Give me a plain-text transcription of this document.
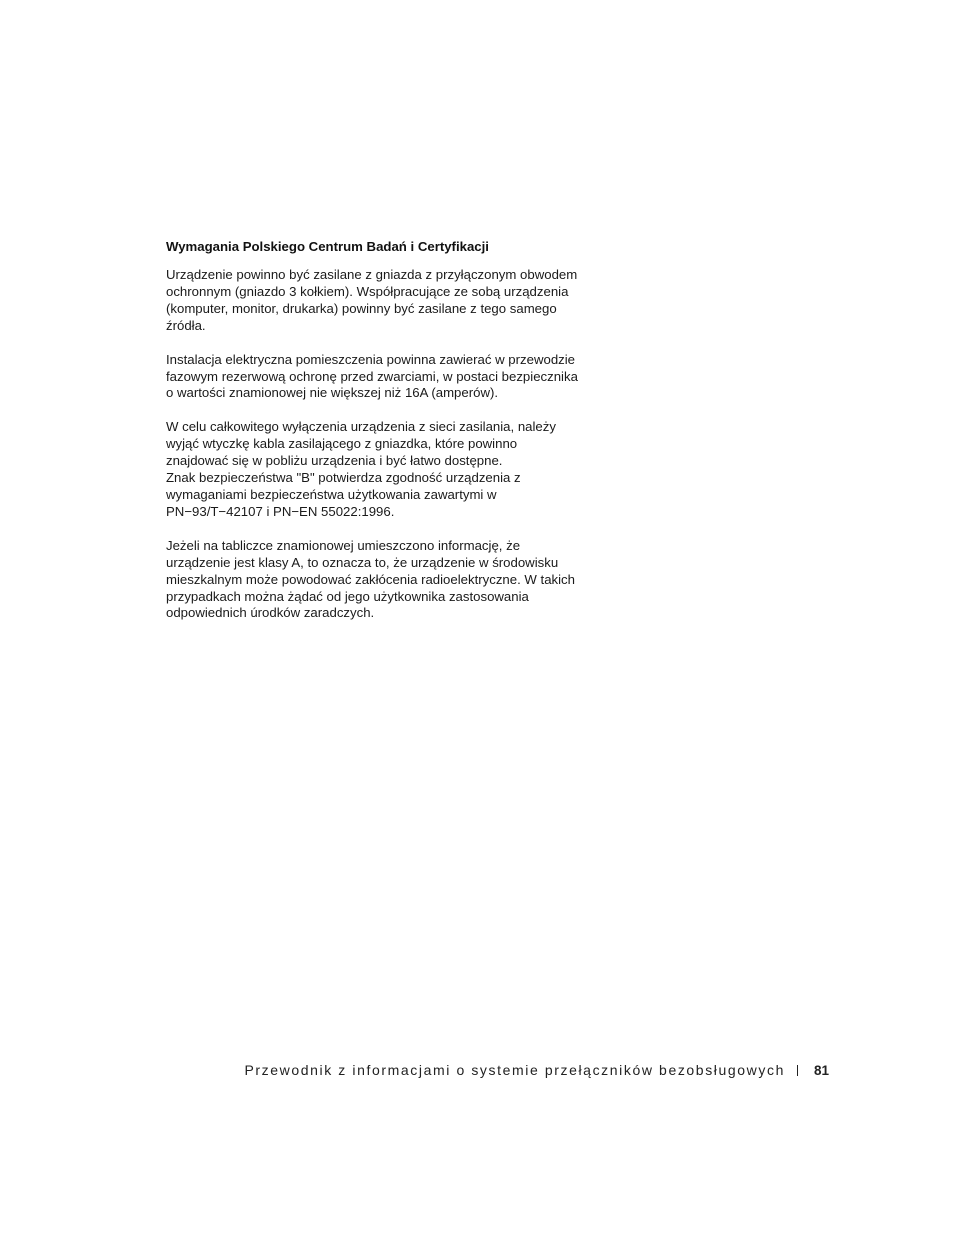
Wymagania Polskiego Centrum Badań i Certyfikacji
Urządzenie powinno być zasilane z gniazda z przyłączonym obwodem
ochronnym (gniazdo 3 kołkiem). Współpracujące ze sobą urządzenia
(komputer, monitor, drukarka) powinny być zasilane z tego samego
źródła.
Instalacja elektryczna pomieszczenia powinna zawierać w przewodzie
fazowym rezerwową ochronę przed zwarciami, w postaci bezpiecznika
o wartości znamionowej nie większej niż 16A (amperów).
W celu całkowitego wyłączenia urządzenia z sieci zasilania, należy
wyjąć wtyczkę kabla zasilającego z gniazdka, które powinno
znajdować się w pobliżu urządzenia i być łatwo dostępne.
Znak bezpieczeństwa "B" potwierdza zgodność urządzenia z
wymaganiami bezpieczeństwa użytkowania zawartymi w
PN−93/T−42107 i PN−EN 55022:1996.
Jeżeli na tabliczce znamionowej umieszczono informację, że
urządzenie jest klasy A, to oznacza to, że urządzenie w środowisku
mieszkalnym może powodować zakłócenia radioelektryczne. W takich
przypadkach można żądać od jego użytkownika zastosowania
odpowiednich úrodków zaradczych.
Przewodnik z informacjami o systemie przełączników bezobsługowych 81
